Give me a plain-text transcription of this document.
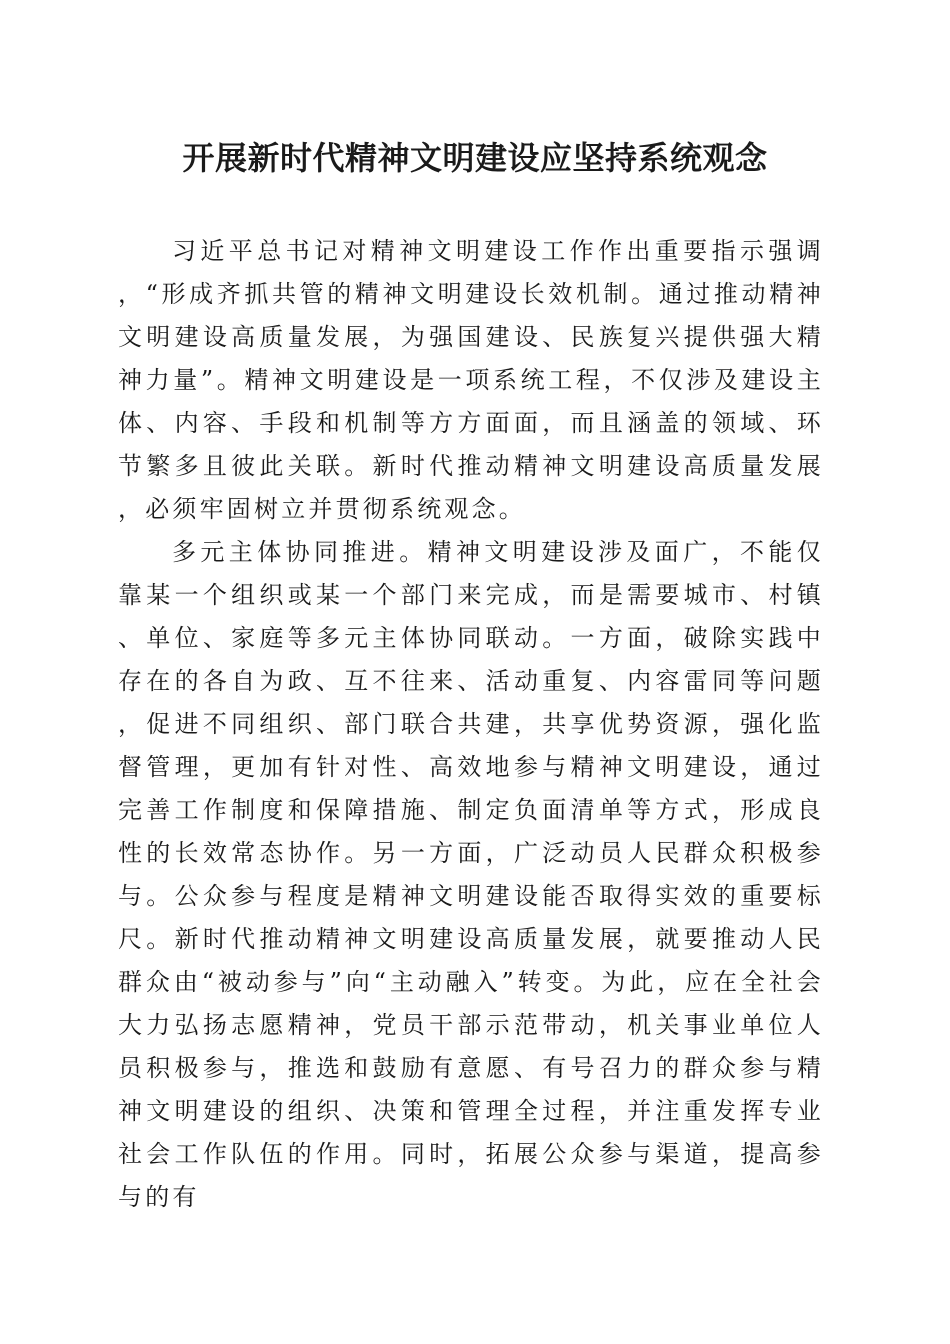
开展新时代精神文明建设应坚持系统观念

习近平总书记对精神文明建设工作作出重要指示强调，“形成齐抓共管的精神文明建设长效机制。通过推动精神文明建设高质量发展，为强国建设、民族复兴提供强大精神力量”。精神文明建设是一项系统工程，不仅涉及建设主体、内容、手段和机制等方方面面，而且涵盖的领域、环节繁多且彼此关联。新时代推动精神文明建设高质量发展，必须牢固树立并贯彻系统观念。

多元主体协同推进。精神文明建设涉及面广，不能仅靠某一个组织或某一个部门来完成，而是需要城市、村镇、单位、家庭等多元主体协同联动。一方面，破除实践中存在的各自为政、互不往来、活动重复、内容雷同等问题，促进不同组织、部门联合共建，共享优势资源，强化监督管理，更加有针对性、高效地参与精神文明建设，通过完善工作制度和保障措施、制定负面清单等方式，形成良性的长效常态协作。另一方面，广泛动员人民群众积极参与。公众参与程度是精神文明建设能否取得实效的重要标尺。新时代推动精神文明建设高质量发展，就要推动人民群众由“被动参与”向“主动融入”转变。为此，应在全社会大力弘扬志愿精神，党员干部示范带动，机关事业单位人员积极参与，推选和鼓励有意愿、有号召力的群众参与精神文明建设的组织、决策和管理全过程，并注重发挥专业社会工作队伍的作用。同时，拓展公众参与渠道，提高参与的有
